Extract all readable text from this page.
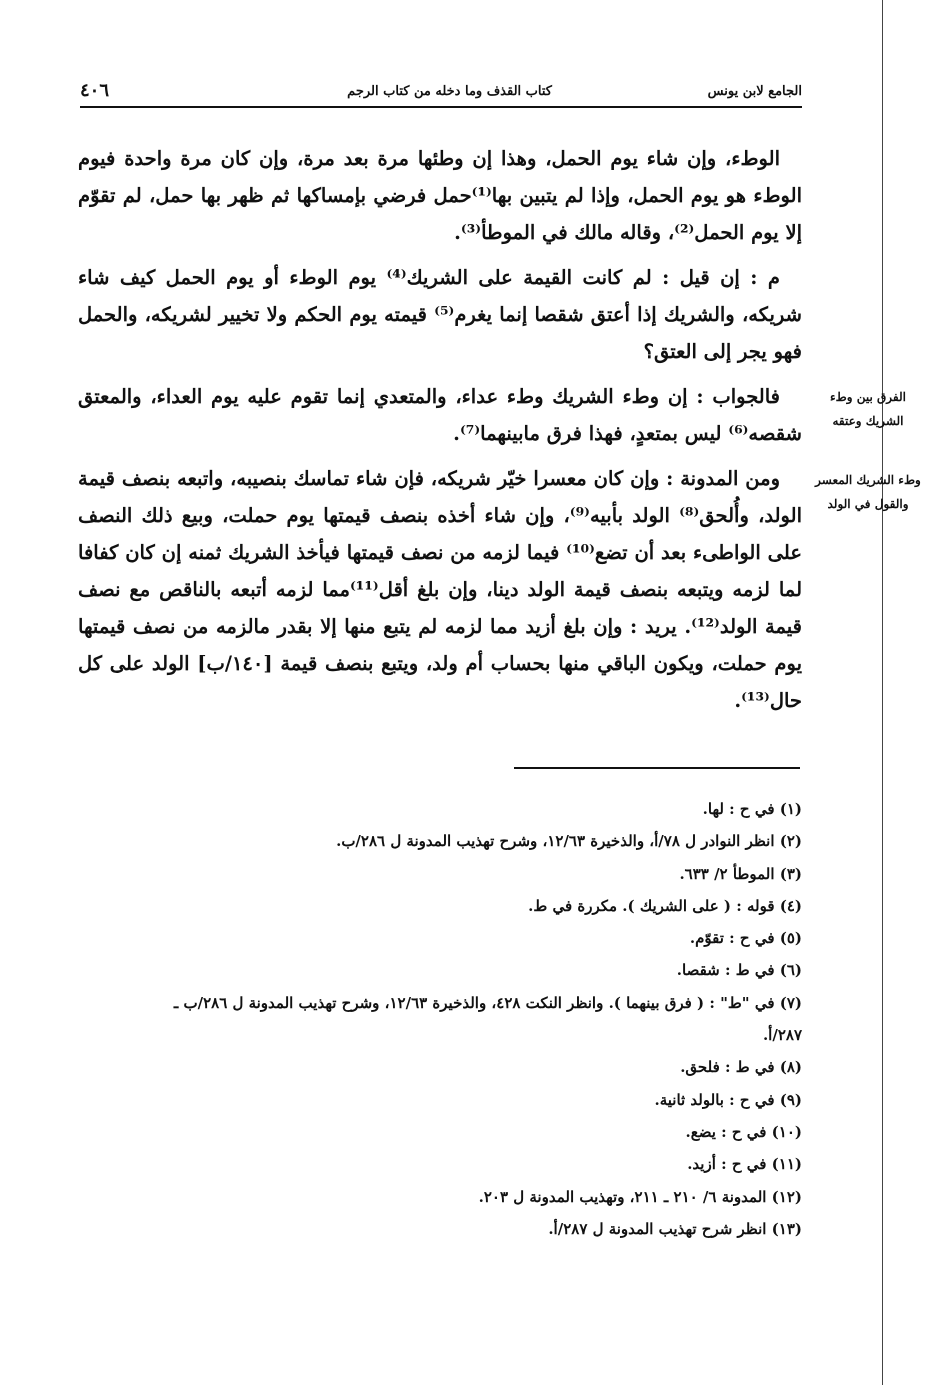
الجامع لابن يونس
كتاب القذف وما دخله من كتاب الرجم
٤٠٦

الوطء، وإن شاء يوم الحمل، وهذا إن وطئها مرة بعد مرة، وإن كان مرة واحدة فيوم الوطء هو يوم الحمل، وإذا لم يتبين بها⁽¹⁾حمل فرضي بإمساكها ثم ظهر بها حمل، لم تقوّم إلا يوم الحمل⁽²⁾، وقاله مالك في الموطأ⁽³⁾.

م : إن قيل : لم كانت القيمة على الشريك⁽⁴⁾ يوم الوطء أو يوم الحمل كيف شاء شريكه، والشريك إذا أعتق شقصا إنما يغرم⁽⁵⁾ قيمته يوم الحكم ولا تخيير لشريكه، والحمل فهو يجر إلى العتق؟

فالجواب : إن وطء الشريك وطء عداء، والمتعدي إنما تقوم عليه يوم العداء، والمعتق شقصه⁽⁶⁾ ليس بمتعدٍ، فهذا فرق مابينهما⁽⁷⁾.

ومن المدونة : وإن كان معسرا خيّر شريكه، فإن شاء تماسك بنصيبه، واتبعه بنصف قيمة الولد، وأُلحق⁽⁸⁾ الولد بأبيه⁽⁹⁾، وإن شاء أخذه بنصف قيمتها يوم حملت، وبيع ذلك النصف على الواطىء بعد أن تضع⁽¹⁰⁾ فيما لزمه من نصف قيمتها فيأخذ الشريك ثمنه إن كان كفافا لما لزمه ويتبعه بنصف قيمة الولد دينا، وإن بلغ أقل⁽¹¹⁾مما لزمه أتبعه بالناقص مع نصف قيمة الولد⁽¹²⁾. يريد : وإن بلغ أزيد مما لزمه لم يتبع منها إلا بقدر مالزمه من نصف قيمتها يوم حملت، ويكون الباقي منها بحساب أم ولد، ويتبع بنصف قيمة [١٤٠/ب] الولد على كل حال⁽¹³⁾.

الفرق بين وطء الشريك وعتقه
وطء الشريك المعسر والقول في الولد
(١) في ح : لها.
(٢) انظر النوادر ل ٧٨/أ، والذخيرة ١٢/٦٣، وشرح تهذيب المدونة ل ٢٨٦/ب.
(٣) الموطأ ٢/ ٦٣٣.
(٤) قوله : ( على الشريك ). مكررة في ط.
(٥) في ح : تقوّم.
(٦) في ط : شقصا.
(٧) في "ط" : ( فرق بينهما ). وانظر النكت ٤٢٨، والذخيرة ١٢/٦٣، وشرح تهذيب المدونة ل ٢٨٦/ب ـ
٢٨٧/أ.
(٨) في ط : فلحق.
(٩) في ح : بالولد ثانية.
(١٠) في ح : يضع.
(١١) في ح : أزيد.
(١٢) المدونة ٦/ ٢١٠ ـ ٢١١، وتهذيب المدونة ل ٢٠٣.
(١٣) انظر شرح تهذيب المدونة ل ٢٨٧/أ.
